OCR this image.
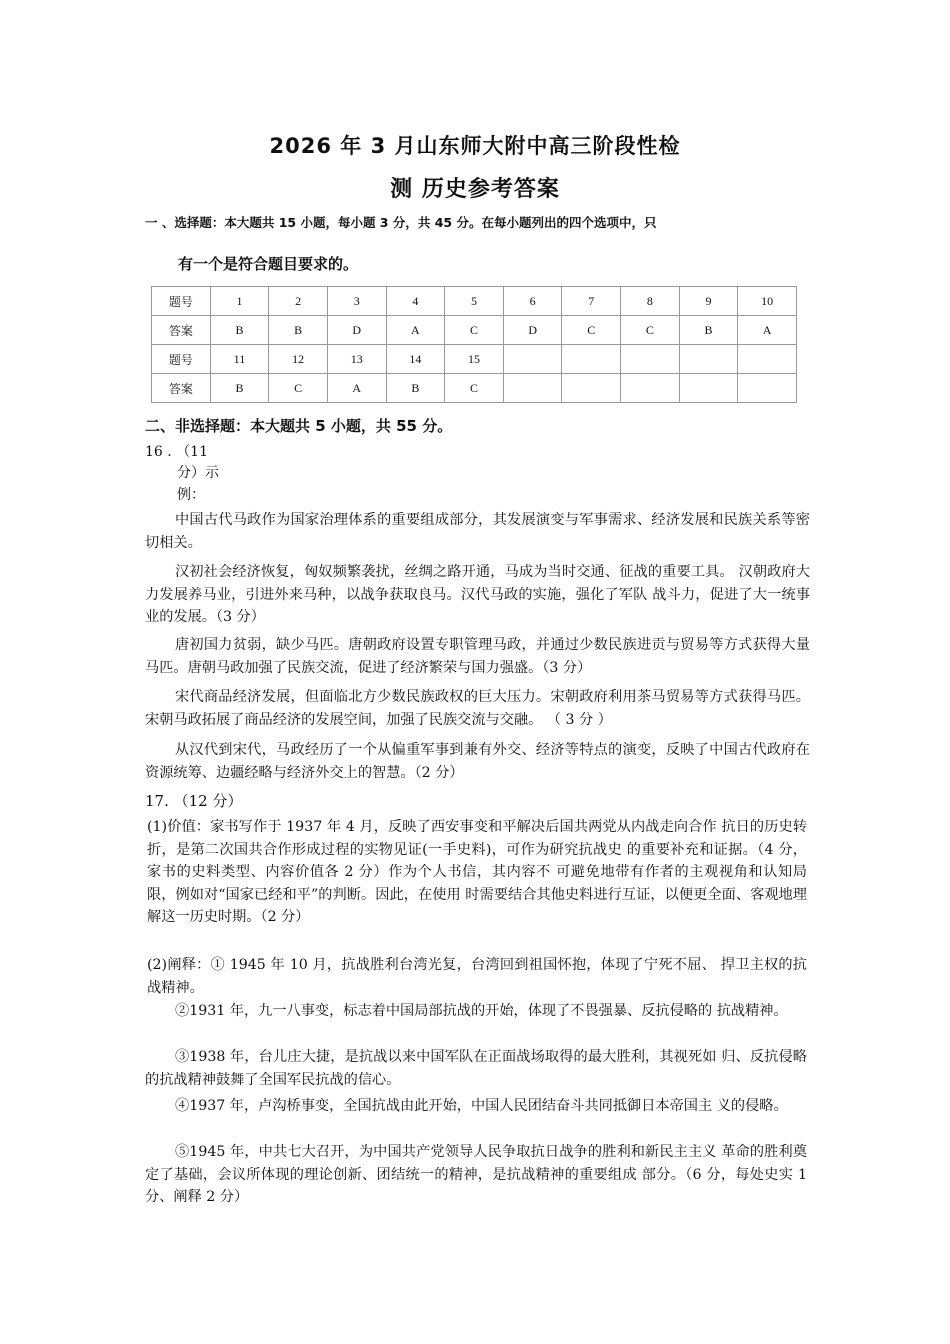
2026 年 3 月山东师大附中高三阶段性检
测 历史参考答案
一 、选择题：本大题共 15 小题，每小题 3 分，共 45 分。在每小题列出的四个选项中，只
有一个是符合题目要求的。
题号	1	2	3	4	5	6	7	8	9	10
答案	B	B	D	A	C	D	C	C	B	A
题号	11	12	13	14	15					
答案	B	C	A	B	C					
二、非选择题：本大题共 5 小题，共 55 分。
16 . （11
分）示
例：
中国古代马政作为国家治理体系的重要组成部分，其发展演变与军事需求、经济发展和民族关系等密切相关。
汉初社会经济恢复，匈奴频繁袭扰，丝绸之路开通，马成为当时交通、征战的重要工具。 汉朝政府大力发展养马业，引进外来马种，以战争获取良马。汉代马政的实施，强化了军队 战斗力，促进了大一统事业的发展。（3 分）
唐初国力贫弱，缺少马匹。唐朝政府设置专职管理马政，并通过少数民族进贡与贸易等方式获得大量马匹。唐朝马政加强了民族交流，促进了经济繁荣与国力强盛。（3 分）
宋代商品经济发展，但面临北方少数民族政权的巨大压力。宋朝政府利用茶马贸易等方式获得马匹。宋朝马政拓展了商品经济的发展空间，加强了民族交流与交融。 （ 3 分 ）
从汉代到宋代，马政经历了一个从偏重军事到兼有外交、经济等特点的演变，反映了中国古代政府在资源统筹、边疆经略与经济外交上的智慧。（2 分）
17. （12 分）
(1)价值：家书写作于 1937 年 4 月，反映了西安事变和平解决后国共两党从内战走向合作 抗日的历史转折，是第二次国共合作形成过程的实物见证(一手史料)，可作为研究抗战史 的重要补充和证据。（4 分，家书的史料类型、内容价值各 2 分）作为个人书信，其内容不 可避免地带有作者的主观视角和认知局限，例如对“国家已经和平”的判断。因此，在使用 时需要结合其他史料进行互证，以便更全面、客观地理解这一历史时期。（2 分）
(2)阐释：① 1945 年 10 月，抗战胜利台湾光复，台湾回到祖国怀抱，体现了宁死不屈、 捍卫主权的抗战精神。
②1931 年，九一八事变，标志着中国局部抗战的开始，体现了不畏强暴、反抗侵略的 抗战精神。
③1938 年，台儿庄大捷，是抗战以来中国军队在正面战场取得的最大胜利，其视死如 归、反抗侵略的抗战精神鼓舞了全国军民抗战的信心。
④1937 年，卢沟桥事变，全国抗战由此开始，中国人民团结奋斗共同抵御日本帝国主 义的侵略。
⑤1945 年，中共七大召开，为中国共产党领导人民争取抗日战争的胜利和新民主主义 革命的胜利奠定了基础，会议所体现的理论创新、团结统一的精神，是抗战精神的重要组成 部分。（6 分，每处史实 1 分、阐释 2 分）
